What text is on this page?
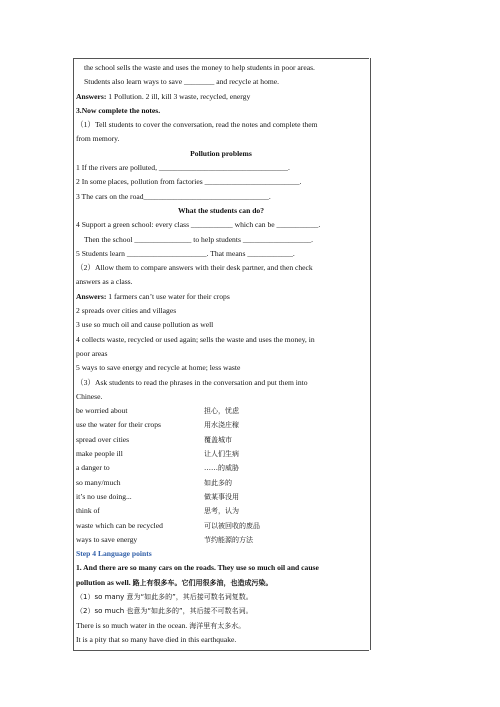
the school sells the waste and uses the money to help students in poor areas.
Students also learn ways to save ________ and recycle at home.
Answers: 1 Pollution. 2 ill, kill 3 waste, recycled, energy
3.Now complete the notes.
（1）Tell students to cover the conversation, read the notes and complete them
from memory.
Pollution problems
1 If the rivers are polluted, __________________________________.
2 In some places, pollution from factories _________________________.
3 The cars on the road_________________________________.
What the students can do?
4 Support a green school: every class ___________ which can be ___________.
Then the school _______________ to help students __________________.
5 Students learn _____________________. That means ____________.
（2）Allow them to compare answers with their desk partner, and then check
answers as a class.
Answers: 1 farmers can’t use water for their crops
2 spreads over cities and villages
3 use so much oil and cause pollution as well
4 collects waste, recycled or used again; sells the waste and uses the money, in
poor areas
5 ways to save energy and recycle at home; less waste
（3）Ask students to read the phrases in the conversation and put them into
Chinese.
be worried about	担心，忧虑
use the water for their crops	用水浇庄稼
spread over cities	覆盖城市
make people ill	让人们生病
a danger to	……的威胁
so many/much	如此多的
it’s no use doing...	做某事没用
think of	思考，认为
waste which can be recycled	可以被回收的废品
ways to save energy	节约能源的方法
Step 4 Language points
1. And there are so many cars on the roads. They use so much oil and cause
pollution as well. 路上有很多车。它们用很多油，也造成污染。
（1）so many 意为“如此多的”，其后接可数名词复数。
（2）so much 也意为“如此多的”，其后接不可数名词。
There is so much water in the ocean. 海洋里有太多水。
It is a pity that so many have died in this earthquake.
